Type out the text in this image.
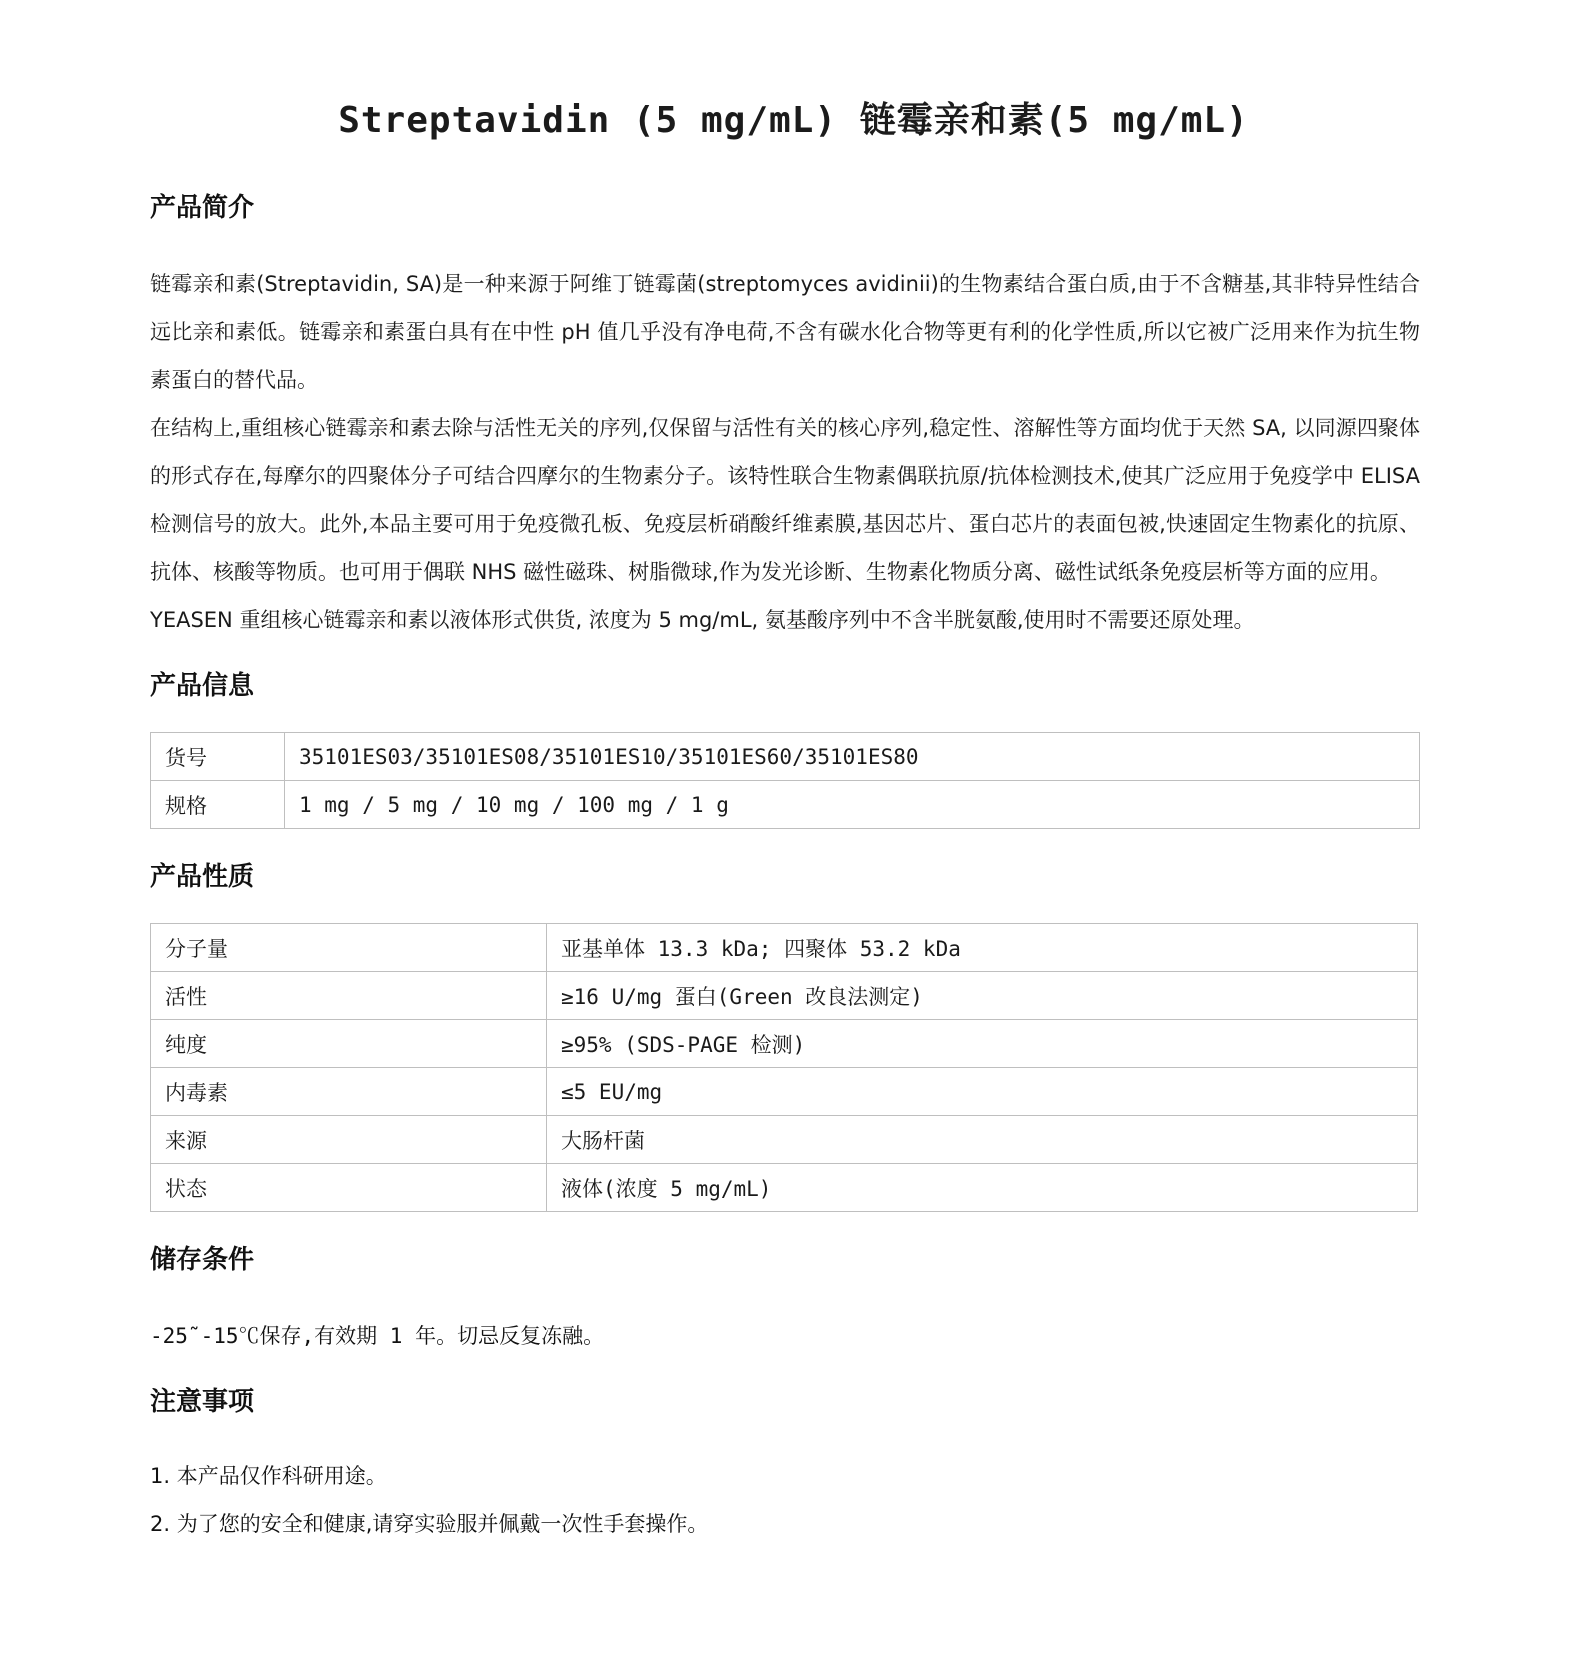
Streptavidin (5 mg/mL) 链霉亲和素(5 mg/mL)
产品简介

链霉亲和素(Streptavidin, SA)是一种来源于阿维丁链霉菌(streptomyces avidinii)的生物素结合蛋白质,由于不含糖基,其非特异性结合远比亲和素低。链霉亲和素蛋白具有在中性 pH 值几乎没有净电荷,不含有碳水化合物等更有利的化学性质,所以它被广泛用来作为抗生物素蛋白的替代品。

在结构上,重组核心链霉亲和素去除与活性无关的序列,仅保留与活性有关的核心序列,稳定性、溶解性等方面均优于天然 SA, 以同源四聚体的形式存在,每摩尔的四聚体分子可结合四摩尔的生物素分子。该特性联合生物素偶联抗原/抗体检测技术,使其广泛应用于免疫学中 ELISA 检测信号的放大。此外,本品主要可用于免疫微孔板、免疫层析硝酸纤维素膜,基因芯片、蛋白芯片的表面包被,快速固定生物素化的抗原、抗体、核酸等物质。也可用于偶联 NHS 磁性磁珠、树脂微球,作为发光诊断、生物素化物质分离、磁性试纸条免疫层析等方面的应用。

YEASEN 重组核心链霉亲和素以液体形式供货, 浓度为 5 mg/mL, 氨基酸序列中不含半胱氨酸,使用时不需要还原处理。

产品信息
货号	35101ES03/35101ES08/35101ES10/35101ES60/35101ES80
规格	1 mg / 5 mg / 10 mg / 100 mg / 1 g
产品性质
分子量	亚基单体 13.3 kDa; 四聚体 53.2 kDa
活性	≥16 U/mg 蛋白(Green 改良法测定)
纯度	≥95% (SDS-PAGE 检测)
内毒素	≤5 EU/mg
来源	大肠杆菌
状态	液体(浓度 5 mg/mL)
储存条件
-25˜-15℃保存,有效期 1 年。切忌反复冻融。
注意事项
1. 本产品仅作科研用途。
2. 为了您的安全和健康,请穿实验服并佩戴一次性手套操作。
